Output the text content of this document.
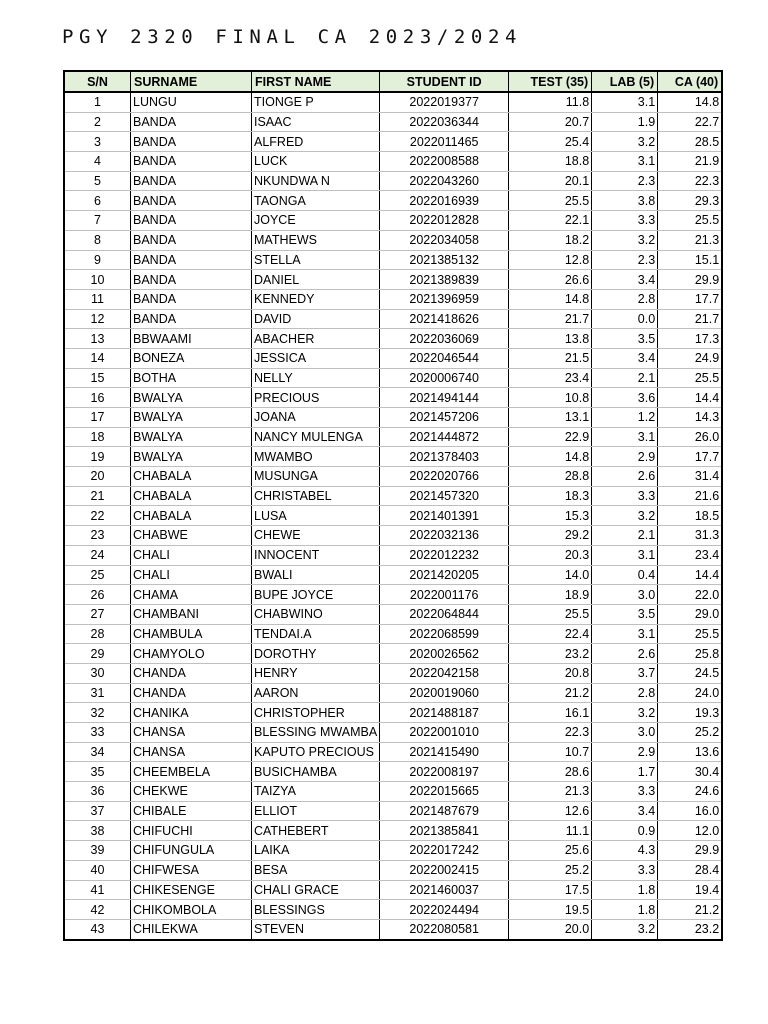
PGY 2320 FINAL CA 2023/2024
S/N	SURNAME	FIRST NAME	STUDENT ID	TEST (35)	LAB (5)	CA (40)
1	LUNGU	TIONGE P	2022019377	11.8	3.1	14.8
2	BANDA	ISAAC	2022036344	20.7	1.9	22.7
3	BANDA	ALFRED	2022011465	25.4	3.2	28.5
4	BANDA	LUCK	2022008588	18.8	3.1	21.9
5	BANDA	NKUNDWA N	2022043260	20.1	2.3	22.3
6	BANDA	TAONGA	2022016939	25.5	3.8	29.3
7	BANDA	JOYCE	2022012828	22.1	3.3	25.5
8	BANDA	MATHEWS	2022034058	18.2	3.2	21.3
9	BANDA	STELLA	2021385132	12.8	2.3	15.1
10	BANDA	DANIEL	2021389839	26.6	3.4	29.9
11	BANDA	KENNEDY	2021396959	14.8	2.8	17.7
12	BANDA	DAVID	2021418626	21.7	0.0	21.7
13	BBWAAMI	ABACHER	2022036069	13.8	3.5	17.3
14	BONEZA	JESSICA	2022046544	21.5	3.4	24.9
15	BOTHA	NELLY	2020006740	23.4	2.1	25.5
16	BWALYA	PRECIOUS	2021494144	10.8	3.6	14.4
17	BWALYA	JOANA	2021457206	13.1	1.2	14.3
18	BWALYA	NANCY MULENGA	2021444872	22.9	3.1	26.0
19	BWALYA	MWAMBO	2021378403	14.8	2.9	17.7
20	CHABALA	MUSUNGA	2022020766	28.8	2.6	31.4
21	CHABALA	CHRISTABEL	2021457320	18.3	3.3	21.6
22	CHABALA	LUSA	2021401391	15.3	3.2	18.5
23	CHABWE	CHEWE	2022032136	29.2	2.1	31.3
24	CHALI	INNOCENT	2022012232	20.3	3.1	23.4
25	CHALI	BWALI	2021420205	14.0	0.4	14.4
26	CHAMA	BUPE JOYCE	2022001176	18.9	3.0	22.0
27	CHAMBANI	CHABWINO	2022064844	25.5	3.5	29.0
28	CHAMBULA	TENDAI.A	2022068599	22.4	3.1	25.5
29	CHAMYOLO	DOROTHY	2020026562	23.2	2.6	25.8
30	CHANDA	HENRY	2022042158	20.8	3.7	24.5
31	CHANDA	AARON	2020019060	21.2	2.8	24.0
32	CHANIKA	CHRISTOPHER	2021488187	16.1	3.2	19.3
33	CHANSA	BLESSING MWAMBA	2022001010	22.3	3.0	25.2
34	CHANSA	KAPUTO PRECIOUS	2021415490	10.7	2.9	13.6
35	CHEEMBELA	BUSICHAMBA	2022008197	28.6	1.7	30.4
36	CHEKWE	TAIZYA	2022015665	21.3	3.3	24.6
37	CHIBALE	ELLIOT	2021487679	12.6	3.4	16.0
38	CHIFUCHI	CATHEBERT	2021385841	11.1	0.9	12.0
39	CHIFUNGULA	LAIKA	2022017242	25.6	4.3	29.9
40	CHIFWESA	BESA	2022002415	25.2	3.3	28.4
41	CHIKESENGE	CHALI GRACE	2021460037	17.5	1.8	19.4
42	CHIKOMBOLA	BLESSINGS	2022024494	19.5	1.8	21.2
43	CHILEKWA	STEVEN	2022080581	20.0	3.2	23.2
